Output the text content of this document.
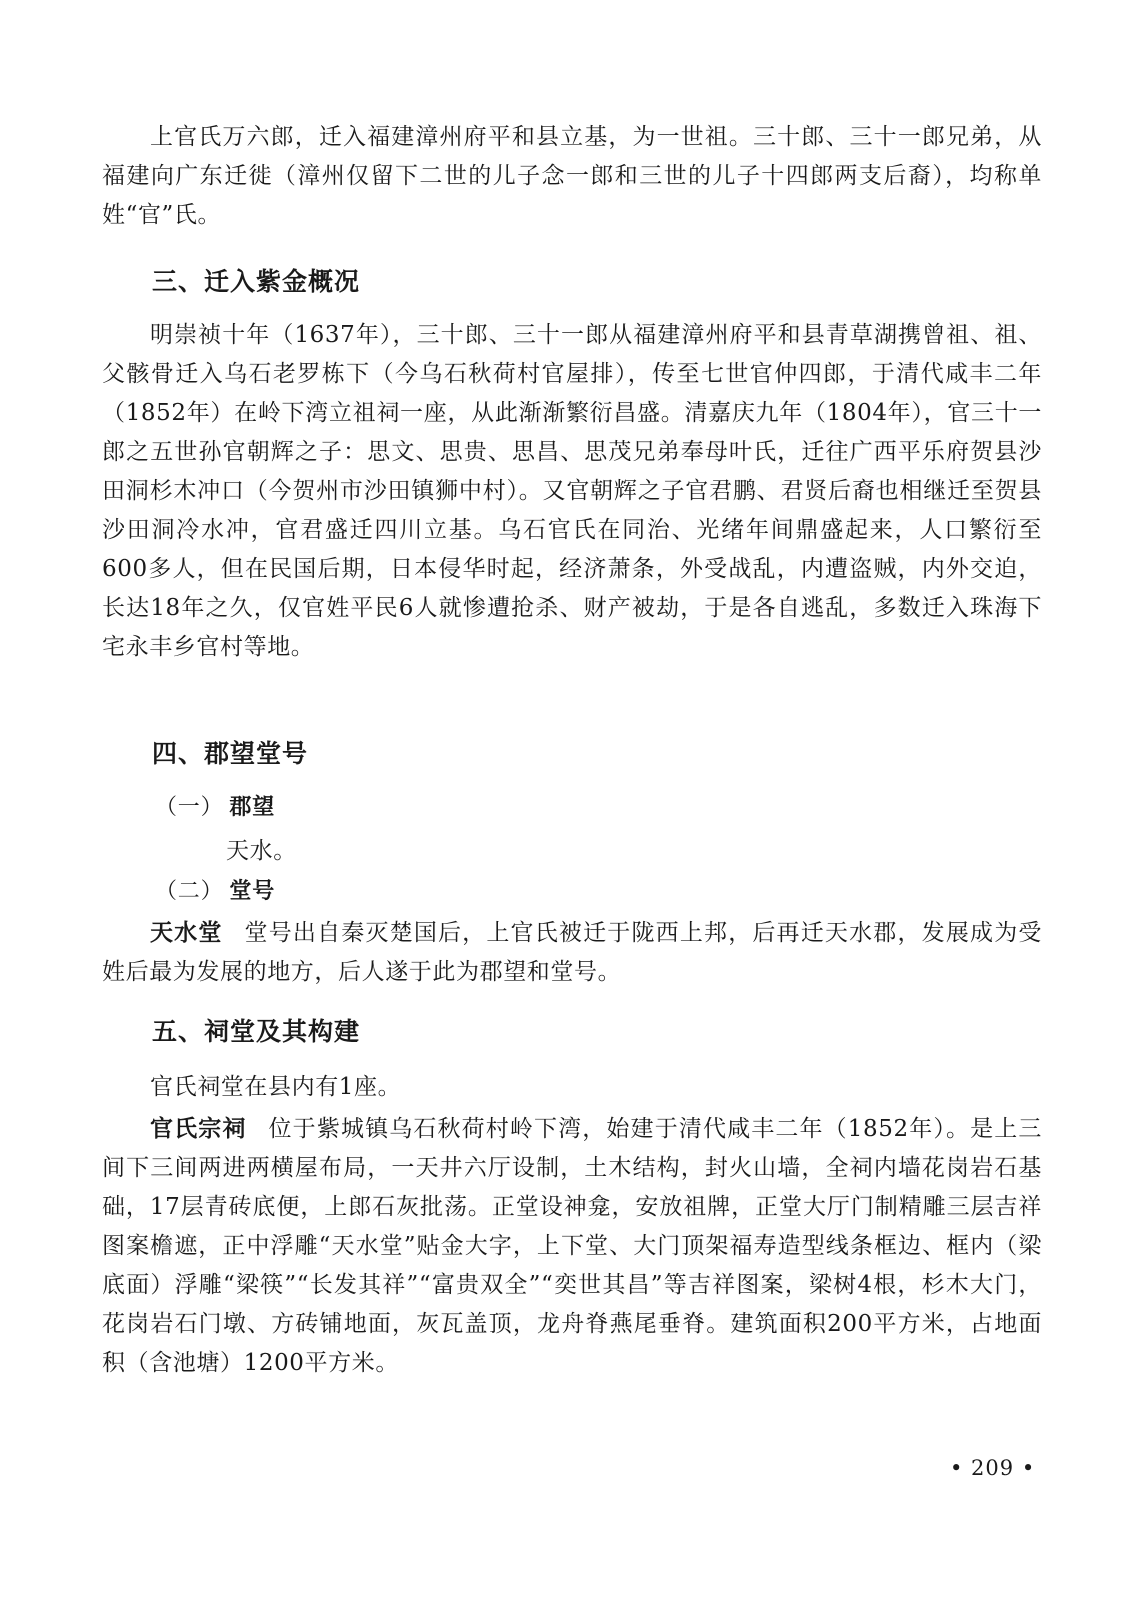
上官氏万六郎，迁入福建漳州府平和县立基，为一世祖。三十郎、三十一郎兄弟，从福建向广东迁徙（漳州仅留下二世的儿子念一郎和三世的儿子十四郎两支后裔），均称单姓“官”氏。
三、迁入紫金概况
明崇祯十年（1637年），三十郎、三十一郎从福建漳州府平和县青草湖携曾祖、祖、父骸骨迁入乌石老罗栋下（今乌石秋荷村官屋排），传至七世官仲四郎，于清代咸丰二年（1852年）在岭下湾立祖祠一座，从此渐渐繁衍昌盛。清嘉庆九年（1804年），官三十一郎之五世孙官朝辉之子：思文、思贵、思昌、思茂兄弟奉母叶氏，迁往广西平乐府贺县沙田洞杉木冲口（今贺州市沙田镇狮中村）。又官朝辉之子官君鹏、君贤后裔也相继迁至贺县沙田洞冷水冲，官君盛迁四川立基。乌石官氏在同治、光绪年间鼎盛起来，人口繁衍至600多人，但在民国后期，日本侵华时起，经济萧条，外受战乱，内遭盗贼，内外交迫，长达18年之久，仅官姓平民6人就惨遭抢杀、财产被劫，于是各自逃乱，多数迁入珠海下宅永丰乡官村等地。
四、郡望堂号
（一） 郡望
天水。
（二） 堂号
天水堂 堂号出自秦灭楚国后，上官氏被迁于陇西上邦，后再迁天水郡，发展成为受姓后最为发展的地方，后人遂于此为郡望和堂号。
五、祠堂及其构建
官氏祠堂在县内有1座。
官氏宗祠 位于紫城镇乌石秋荷村岭下湾，始建于清代咸丰二年（1852年）。是上三间下三间两进两横屋布局，一天井六厅设制，土木结构，封火山墙，全祠内墙花岗岩石基础，17层青砖底便，上郎石灰批荡。正堂设神龛，安放祖牌，正堂大厅门制精雕三层吉祥图案檐遮，正中浮雕“天水堂”贴金大字，上下堂、大门顶架福寿造型线条框边、框内（梁底面）浮雕“梁筷”“长发其祥”“富贵双全”“奕世其昌”等吉祥图案，梁树4根，杉木大门，花岗岩石门墩、方砖铺地面，灰瓦盖顶，龙舟脊燕尾垂脊。建筑面积200平方米，占地面积（含池塘）1200平方米。
• 209 •
